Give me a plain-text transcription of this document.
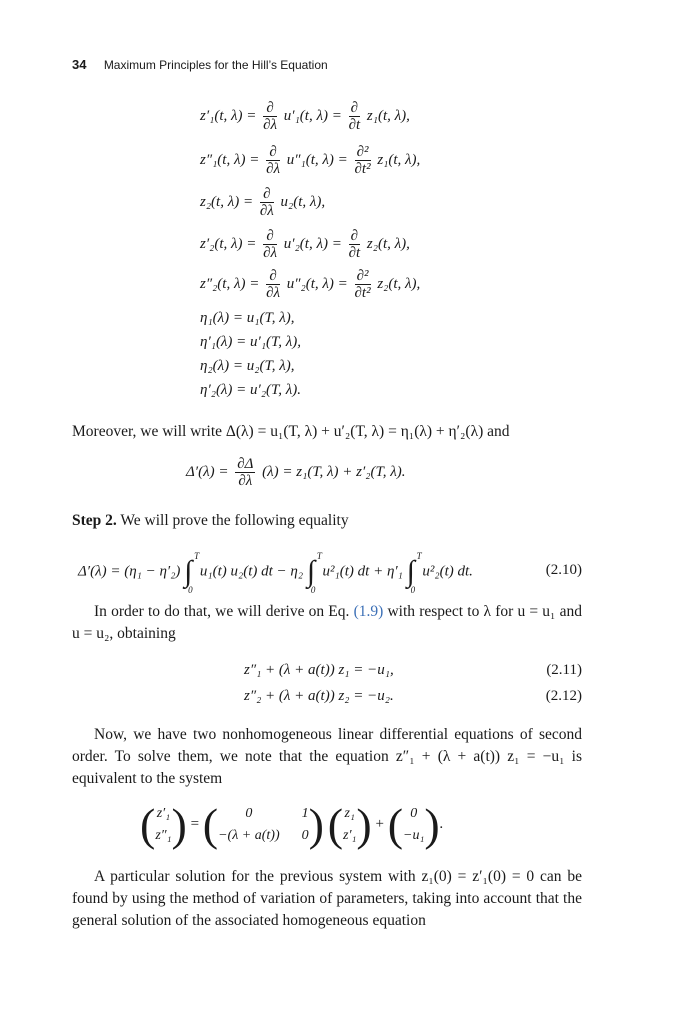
34 Maximum Principles for the Hill’s Equation
z′₁(t, $\lambda) = \frac{\partial}{\partial\lambda} u'_1(t$, $\lambda) = \frac{\partial}{\partial t} z_1(t$, λ),
z″₁(t, $\lambda) = \frac{\partial}{\partial\lambda} u''_1(t$, $\lambda) = \frac{\text{∂²}}{\text{∂t²}} z_1(t$, λ),
z₂(t, $\lambda) = \frac{\partial}{\partial\lambda} u_2(t$, λ),
z′₂(t, $\lambda) = \frac{\partial}{\partial\lambda} u'_2(t$, $\lambda) = \frac{\partial}{\partial t} z_2(t$, λ),
z″₂(t, $\lambda) = \frac{\partial}{\partial\lambda} u''_2(t$, $\lambda) = \frac{\text{∂²}}{\text{∂t²}} z_2(t$, λ),
η₁(λ) = u₁(T, λ),
η′₁(λ) = u′₁(T, λ),
η₂(λ) = u₂(T, λ),
η′₂(λ) = u′₂(T, λ).
Moreover, we will write Δ(λ) = u₁(T, λ) + u′₂(T, λ) = η₁(λ) + η′₂(λ) and
$\Delta'(\lambda) = \frac{\partial\Delta}{\partial\lambda} (\lambda) = z_1(T$, λ) + z′₂(T, λ).
Step 2. We will prove the following equality
Δ′(λ) = (η₁ − η′₂) ∫ T
0
u₁(t) u₂(t) dt − η₂ ∫ T
0
u²₁(t) dt + η′₁ ∫ T
0
u²₂(t) dt.	(2.10)
In order to do that, we will derive on Eq. (1.9) with respect to λ for u = u₁ and u = u₂, obtaining
z″₁ + (λ + a(t)) z₁ = −u₁,	(2.11)
z″₂ + (λ + a(t)) z₂ = −u₂.	(2.12)
Now, we have two nonhomogeneous linear differential equations of second order. To solve them, we note that the equation z″₁ + (λ + a(t)) z₁ = −u₁ is equivalent to the system
(z′₁
z″₁) = (	0	1
−(λ + a(t)) 0 ) ( z₁
z′₁) + ( 0
−u₁).
A particular solution for the previous system with z₁(0) = z′₁(0) = 0 can be found by using the method of variation of parameters, taking into account that the general solution of the associated homogeneous equation
